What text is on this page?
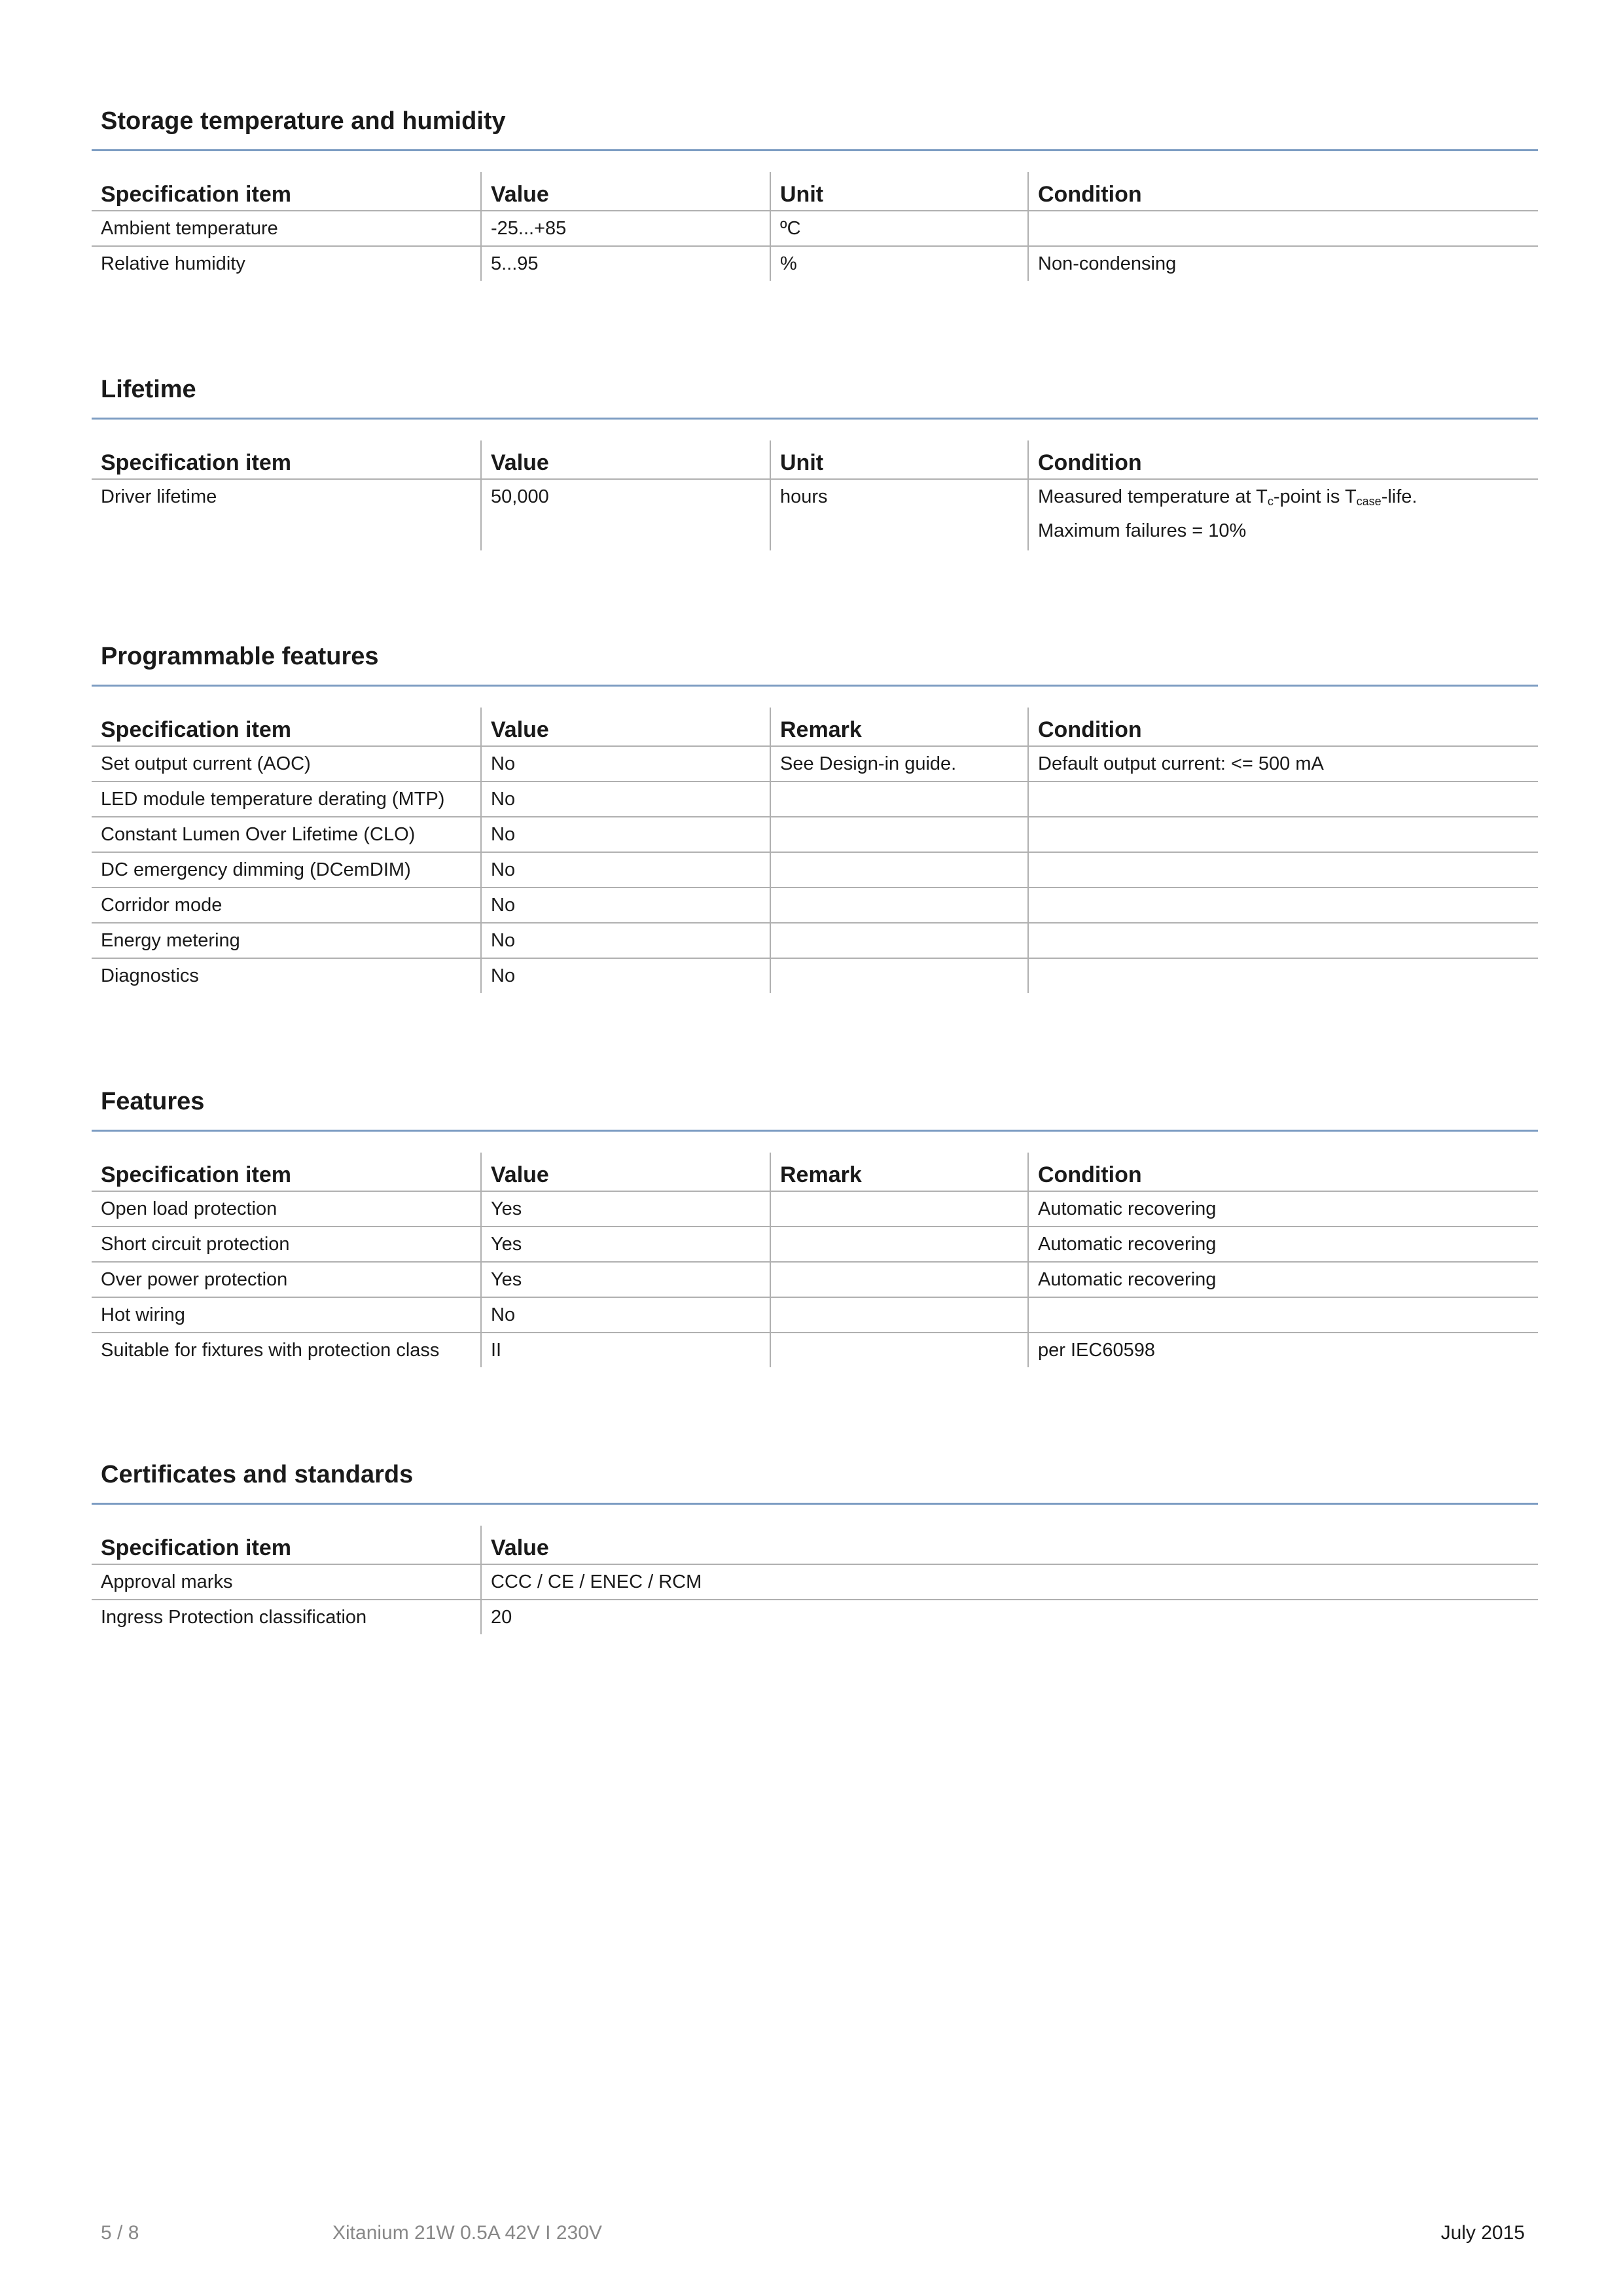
Storage temperature and humidity
Specification item	Value	Unit	Condition
Ambient temperature	-25...+85	ºC	
Relative humidity	5...95	%	Non-condensing
Lifetime
Specification item	Value	Unit	Condition

Driver lifetime	50,000	hours	Measured temperature at $T_c$-point is $T_{case}$-life.
Maximum failures = 10%
Programmable features
Specification item	Value	Remark	Condition
Set output current (AOC)	No	See Design-in guide.	Default output current: <= 500 mA
LED module temperature derating (MTP)	No		
Constant Lumen Over Lifetime (CLO)	No		
DC emergency dimming (DCemDIM)	No		
Corridor mode	No		
Energy metering	No		
Diagnostics	No		
Features
Specification item	Value	Remark	Condition
Open load protection	Yes		Automatic recovering
Short circuit protection	Yes		Automatic recovering
Over power protection	Yes		Automatic recovering
Hot wiring	No		
Suitable for fixtures with protection class	II		per IEC60598
Certificates and standards
Specification item	Value
Approval marks	CCC / CE / ENEC / RCM
Ingress Protection classification	20
5 / 8	Xitanium 21W 0.5A 42V I 230V	July 2015
